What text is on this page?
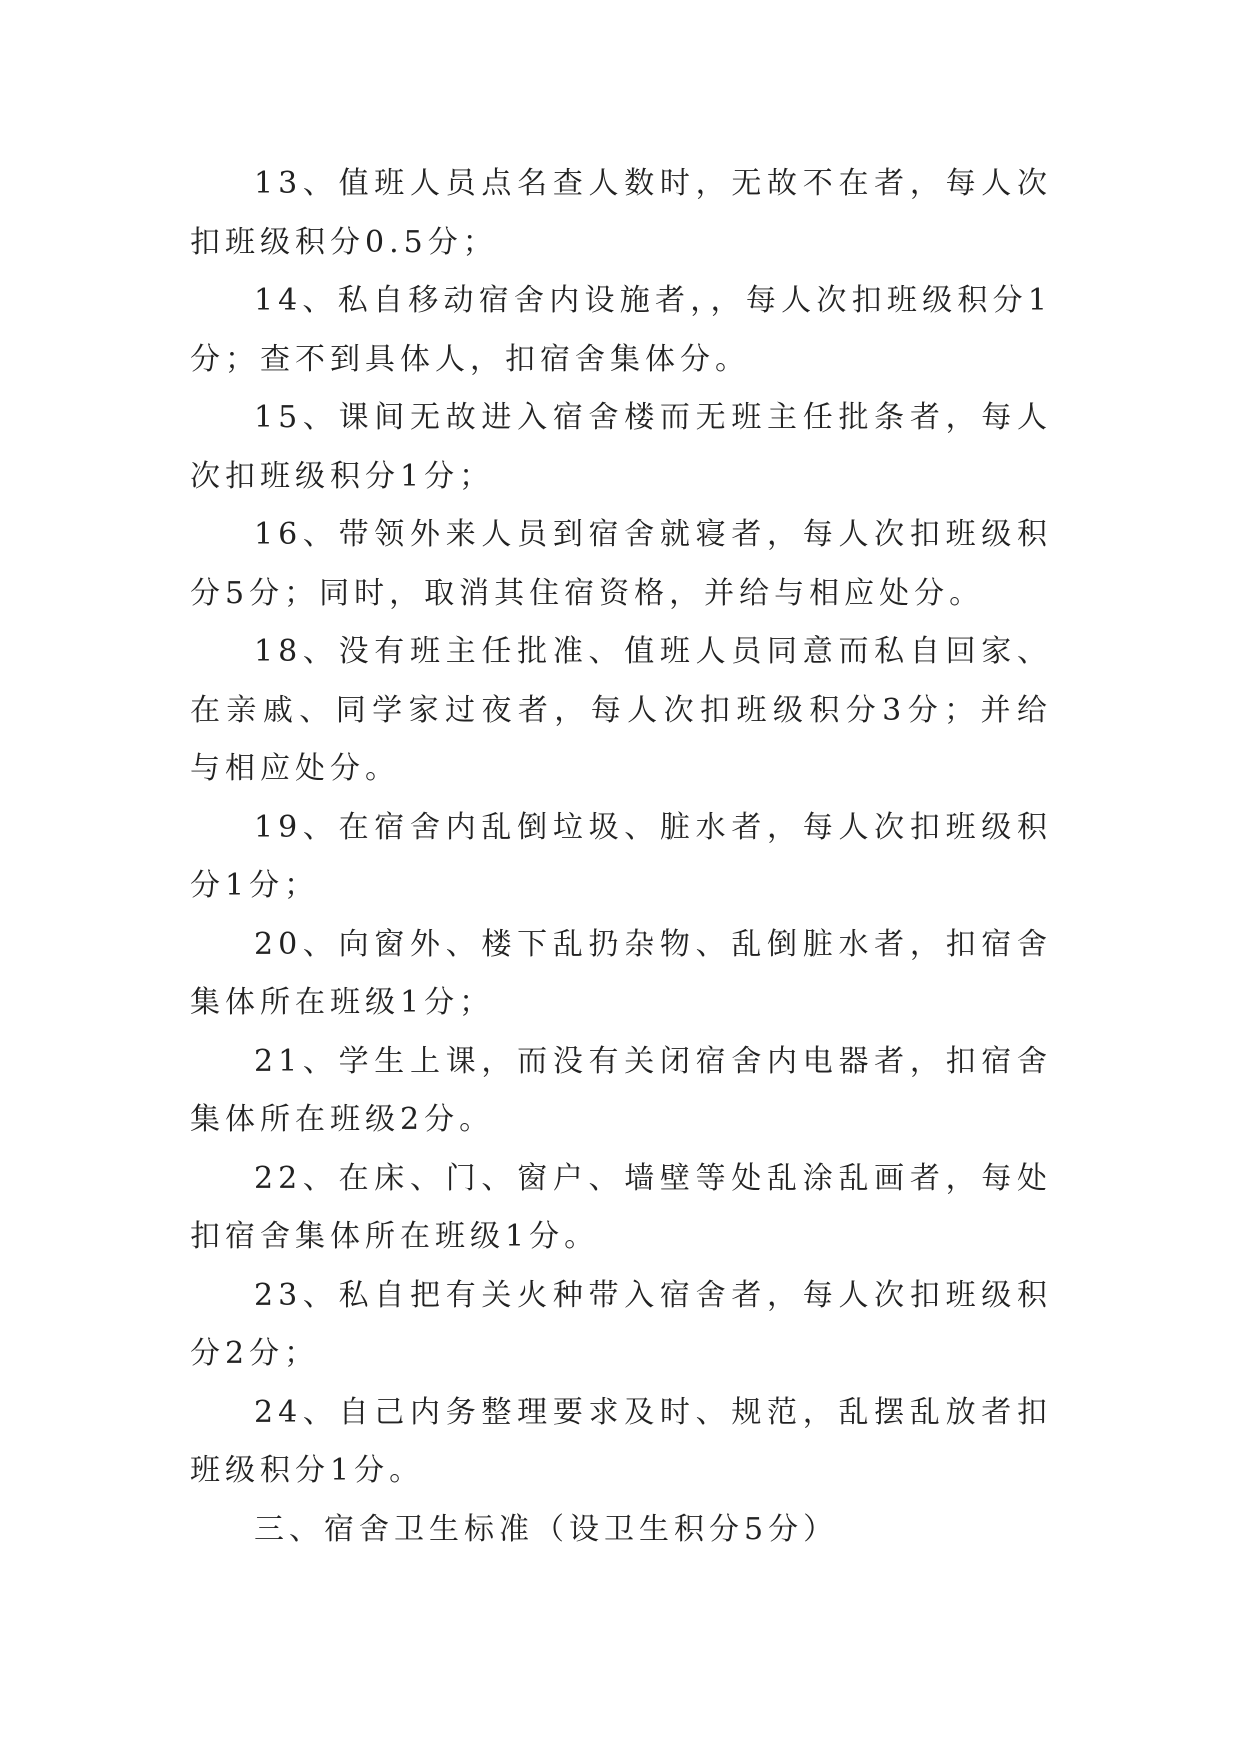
13、值班人员点名查人数时，无故不在者，每人次扣班级积分0.5分；

14、私自移动宿舍内设施者，，每人次扣班级积分1分；查不到具体人，扣宿舍集体分。

15、课间无故进入宿舍楼而无班主任批条者，每人次扣班级积分1分；

16、带领外来人员到宿舍就寝者，每人次扣班级积分5分；同时，取消其住宿资格，并给与相应处分。

18、没有班主任批准、值班人员同意而私自回家、在亲戚、同学家过夜者，每人次扣班级积分3分；并给与相应处分。

19、在宿舍内乱倒垃圾、脏水者，每人次扣班级积分1分；

20、向窗外、楼下乱扔杂物、乱倒脏水者，扣宿舍集体所在班级1分；

21、学生上课，而没有关闭宿舍内电器者，扣宿舍集体所在班级2分。

22、在床、门、窗户、墙壁等处乱涂乱画者，每处扣宿舍集体所在班级1分。

23、私自把有关火种带入宿舍者，每人次扣班级积分2分；

24、自己内务整理要求及时、规范，乱摆乱放者扣班级积分1分。

三、宿舍卫生标准（设卫生积分5分）
